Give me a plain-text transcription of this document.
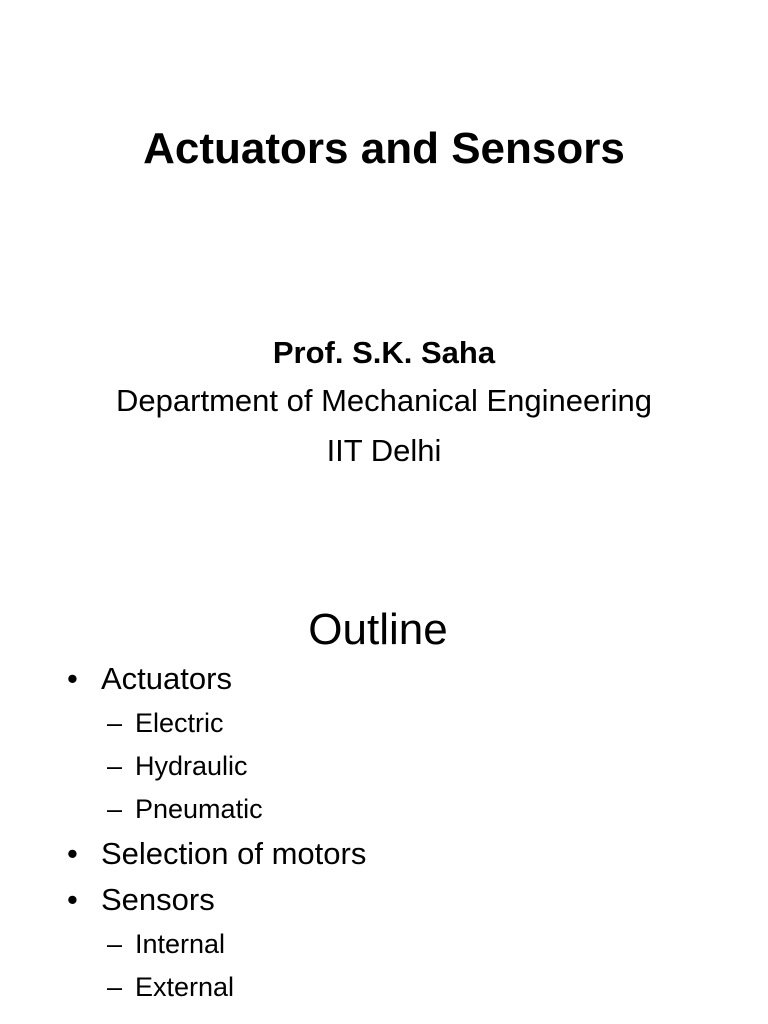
Actuators and Sensors
Prof. S.K. Saha
Department of Mechanical Engineering
IIT Delhi
Outline
• Actuators
– Electric
– Hydraulic
– Pneumatic
• Selection of motors
• Sensors
– Internal
– External
